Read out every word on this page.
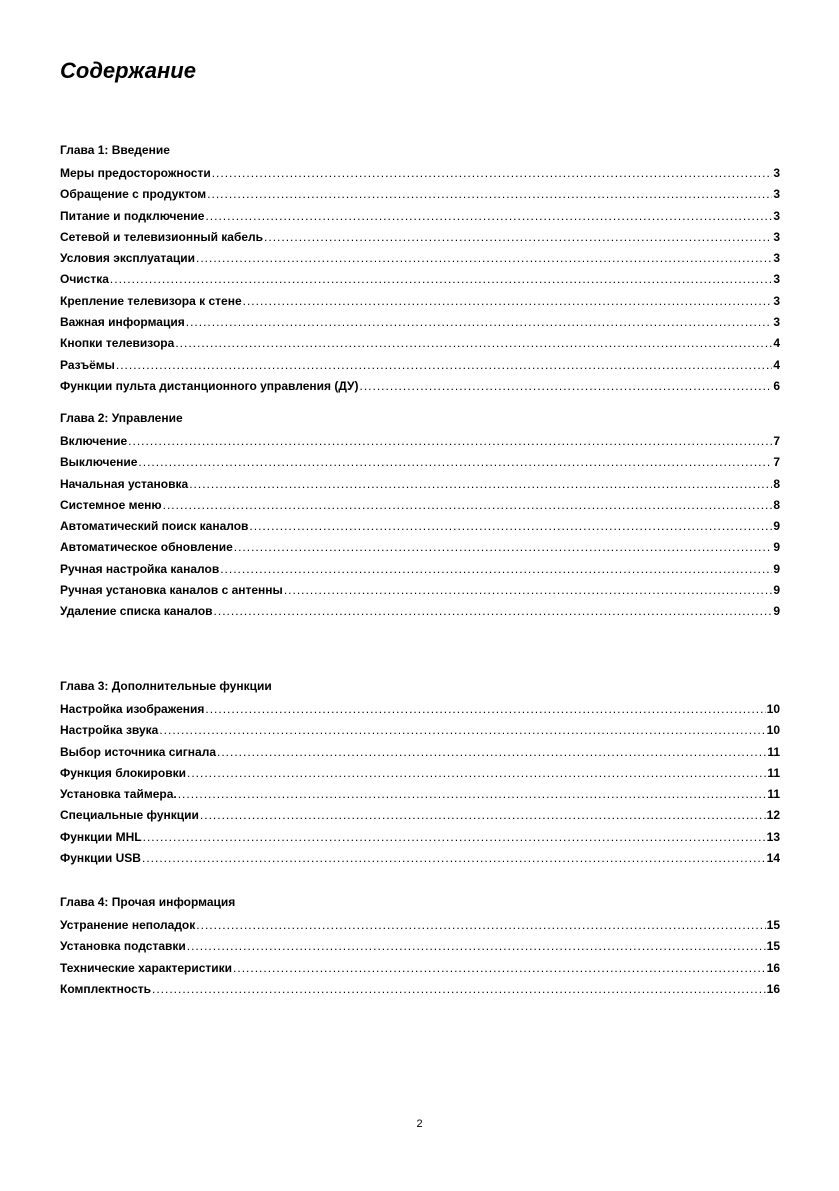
Содержание
Глава 1: Введение
Меры предосторожности .....	3
Обращение с продуктом .....	3
Питание и подключение .....	3
Сетевой и телевизионный кабель .....	3
Условия эксплуатации .....	3
Очистка .....	3
Крепление телевизора к стене .....	3
Важная информация .....	3
Кнопки телевизора .....	4
Разъёмы .....	4
Функции пульта дистанционного управления (ДУ) .....	6
Глава 2: Управление
Включение .....	7
Выключение .....	7
Начальная установка .....	8
Системное меню .....	8
Автоматический поиск каналов .....	9
Автоматическое обновление .....	9
Ручная настройка каналов .....	9
Ручная установка каналов с антенны .....	9
Удаление списка каналов .....	9
Глава 3: Дополнительные функции
Настройка изображения .....	10
Настройка звука .....	10
Выбор источника сигнала .....	11
Функция блокировки .....	11
Установка таймера. .....	11
Специальные функции .....	12
Функции MHL .....	13
Функции USB .....	14
Глава 4: Прочая информация
Устранение неполадок .....	15
Установка подставки .....	15
Технические характеристики .....	16
Комплектность .....	16
2
